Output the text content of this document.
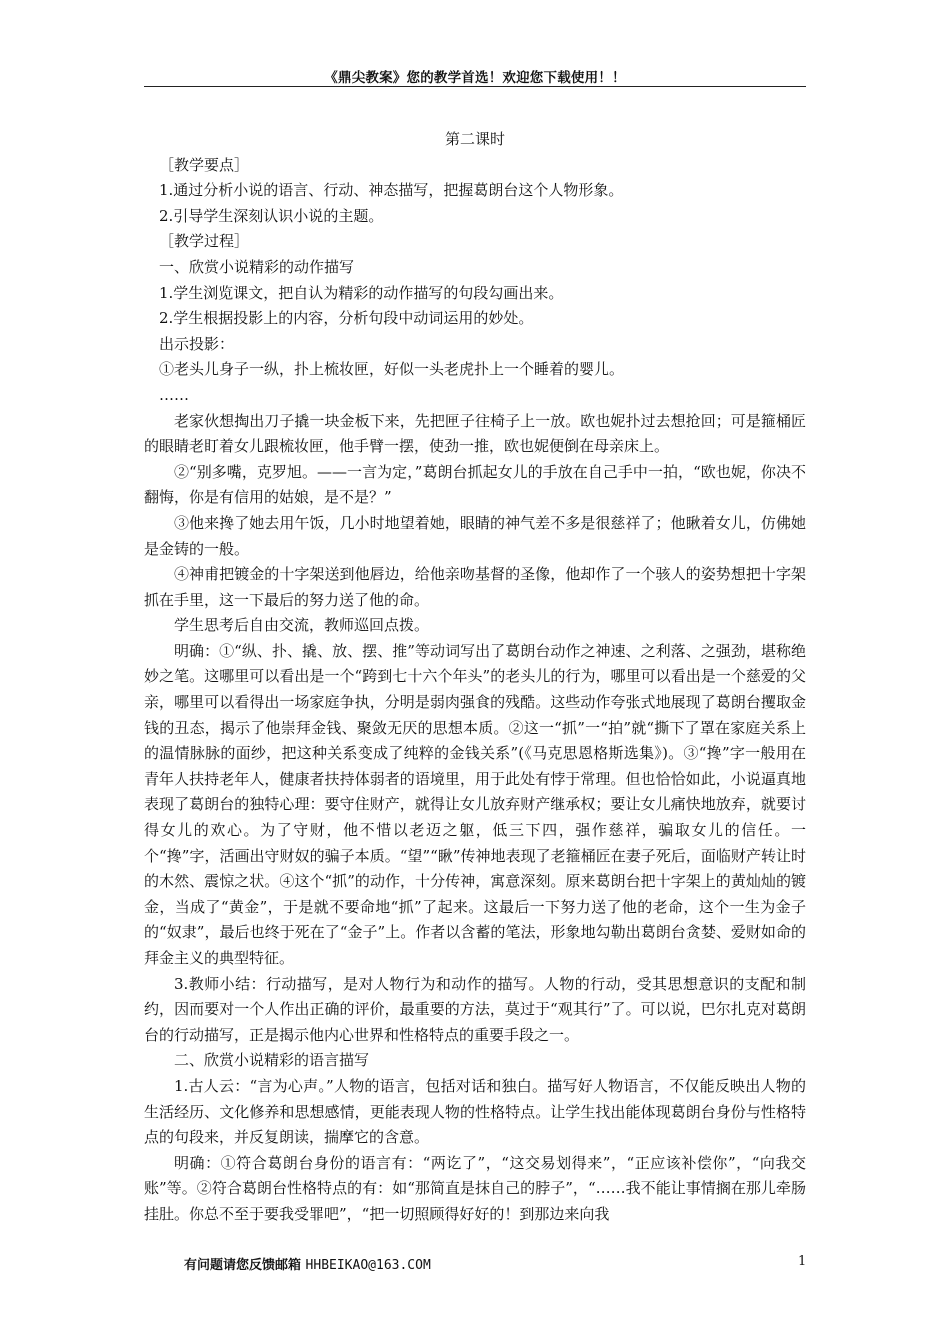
《鼎尖教案》您的教学首选！欢迎您下载使用！！

第二课时

［教学要点］

1.通过分析小说的语言、行动、神态描写，把握葛朗台这个人物形象。

2.引导学生深刻认识小说的主题。

［教学过程］

一、欣赏小说精彩的动作描写

1.学生浏览课文，把自认为精彩的动作描写的句段勾画出来。

2.学生根据投影上的内容，分析句段中动词运用的妙处。

出示投影：

①老头儿身子一纵，扑上梳妆匣，好似一头老虎扑上一个睡着的婴儿。

……

老家伙想掏出刀子撬一块金板下来，先把匣子往椅子上一放。欧也妮扑过去想抢回；可是箍桶匠的眼睛老盯着女儿跟梳妆匣，他手臂一摆，使劲一推，欧也妮便倒在母亲床上。

②“别多嘴，克罗旭。——一言为定，”葛朗台抓起女儿的手放在自己手中一拍，“欧也妮，你决不翻悔，你是有信用的姑娘，是不是？”

③他来搀了她去用午饭，几小时地望着她，眼睛的神气差不多是很慈祥了；他瞅着女儿，仿佛她是金铸的一般。

④神甫把镀金的十字架送到他唇边，给他亲吻基督的圣像，他却作了一个骇人的姿势想把十字架抓在手里，这一下最后的努力送了他的命。

学生思考后自由交流，教师巡回点拨。

明确：①“纵、扑、撬、放、摆、推”等动词写出了葛朗台动作之神速、之利落、之强劲，堪称绝妙之笔。这哪里可以看出是一个“跨到七十六个年头”的老头儿的行为，哪里可以看出是一个慈爱的父亲，哪里可以看得出一场家庭争执，分明是弱肉强食的残酷。这些动作夸张式地展现了葛朗台攫取金钱的丑态，揭示了他崇拜金钱、聚敛无厌的思想本质。②这一“抓”一“拍”就“撕下了罩在家庭关系上的温情脉脉的面纱，把这种关系变成了纯粹的金钱关系”(《马克思恩格斯选集》)。③“搀”字一般用在青年人扶持老年人，健康者扶持体弱者的语境里，用于此处有悖于常理。但也恰恰如此，小说逼真地表现了葛朗台的独特心理：要守住财产，就得让女儿放弃财产继承权；要让女儿痛快地放弃，就要讨得女儿的欢心。为了守财，他不惜以老迈之躯，低三下四，强作慈祥，骗取女儿的信任。一个“搀”字，活画出守财奴的骗子本质。“望”“瞅”传神地表现了老箍桶匠在妻子死后，面临财产转让时的木然、震惊之状。④这个“抓”的动作，十分传神，寓意深刻。原来葛朗台把十字架上的黄灿灿的镀金，当成了“黄金”，于是就不要命地“抓”了起来。这最后一下努力送了他的老命，这个一生为金子的“奴隶”，最后也终于死在了“金子”上。作者以含蓄的笔法，形象地勾勒出葛朗台贪婪、爱财如命的拜金主义的典型特征。

3.教师小结：行动描写，是对人物行为和动作的描写。人物的行动，受其思想意识的支配和制约，因而要对一个人作出正确的评价，最重要的方法，莫过于“观其行”了。可以说，巴尔扎克对葛朗台的行动描写，正是揭示他内心世界和性格特点的重要手段之一。

二、欣赏小说精彩的语言描写

1.古人云：“言为心声。”人物的语言，包括对话和独白。描写好人物语言，不仅能反映出人物的生活经历、文化修养和思想感情，更能表现人物的性格特点。让学生找出能体现葛朗台身份与性格特点的句段来，并反复朗读，揣摩它的含意。

明确：①符合葛朗台身份的语言有：“两讫了”，“这交易划得来”，“正应该补偿你”，“向我交账”等。②符合葛朗台性格特点的有：如“那简直是抹自己的脖子”，“……我不能让事情搁在那儿牵肠挂肚。你总不至于要我受罪吧”，“把一切照顾得好好的！到那边来向我

有问题请您反馈邮箱 HHBEIKAO@163.COM	1
